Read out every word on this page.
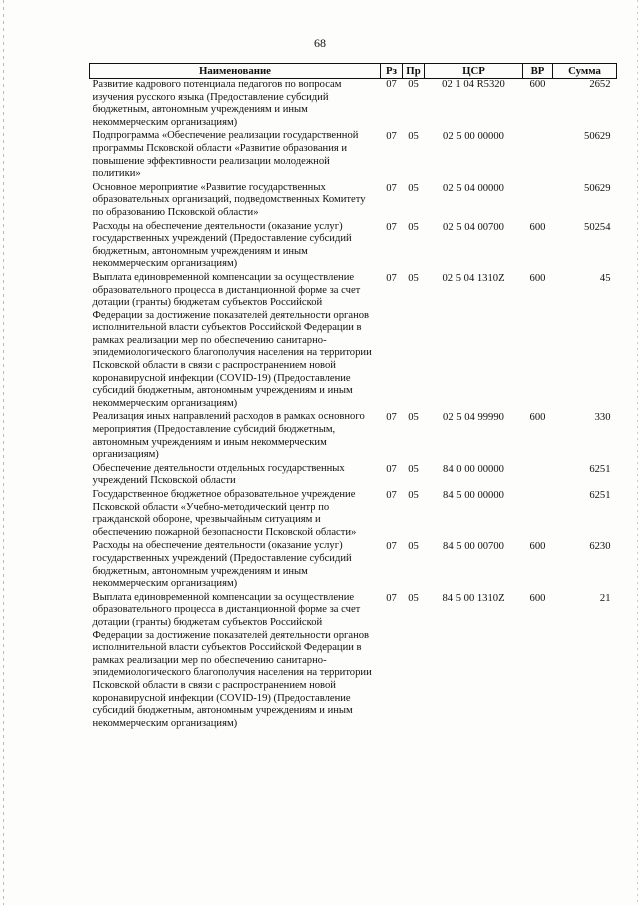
68
Наименование	Рз	Пр	ЦСР	ВР	Сумма
Развитие кадрового потенциала педагогов по вопросам изучения русского языка (Предоставление субсидий бюджетным, автономным учреждениям и иным некоммерческим организациям)	07	05	02 1 04 R5320	600	2652
Подпрограмма «Обеспечение реализации государственной программы Псковской области «Развитие образования и повышение эффективности реализации молодежной политики»	07	05	02 5 00 00000		50629
Основное мероприятие «Развитие государственных образовательных организаций, подведомственных Комитету по образованию Псковской области»	07	05	02 5 04 00000		50629
Расходы на обеспечение деятельности (оказание услуг) государственных учреждений (Предоставление субсидий бюджетным, автономным учреждениям и иным некоммерческим организациям)	07	05	02 5 04 00700	600	50254
Выплата единовременной компенсации за осуществление образовательного процесса в дистанционной форме за счет дотации (гранты) бюджетам субъектов Российской Федерации за достижение показателей деятельности органов исполнительной власти субъектов Российской Федерации в рамках реализации мер по обеспечению санитарно-эпидемиологического благополучия населения на территории Псковской области в связи с распространением новой коронавирусной инфекции (COVID-19) (Предоставление субсидий бюджетным, автономным учреждениям и иным некоммерческим организациям)	07	05	02 5 04 1310Z	600	45
Реализация иных направлений расходов в рамках основного мероприятия (Предоставление субсидий бюджетным, автономным учреждениям и иным некоммерческим организациям)	07	05	02 5 04 99990	600	330
Обеспечение деятельности отдельных государственных учреждений Псковской области	07	05	84 0 00 00000		6251
Государственное бюджетное образовательное учреждение Псковской области «Учебно-методический центр по гражданской обороне, чрезвычайным ситуациям и обеспечению пожарной безопасности Псковской области»	07	05	84 5 00 00000		6251
Расходы на обеспечение деятельности (оказание услуг) государственных учреждений (Предоставление субсидий бюджетным, автономным учреждениям и иным некоммерческим организациям)	07	05	84 5 00 00700	600	6230
Выплата единовременной компенсации за осуществление образовательного процесса в дистанционной форме за счет дотации (гранты) бюджетам субъектов Российской Федерации за достижение показателей деятельности органов исполнительной власти субъектов Российской Федерации в рамках реализации мер по обеспечению санитарно-эпидемиологического благополучия населения на территории Псковской области в связи с распространением новой коронавирусной инфекции (COVID-19) (Предоставление субсидий бюджетным, автономным учреждениям и иным некоммерческим организациям)	07	05	84 5 00 1310Z	600	21
